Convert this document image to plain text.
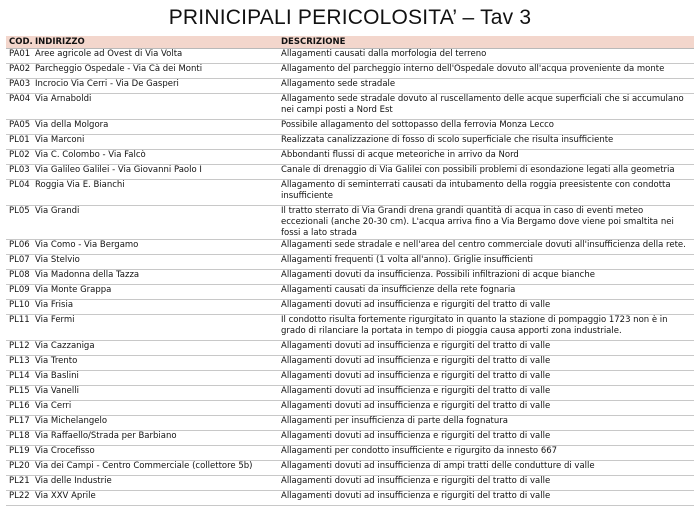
PRINICIPALI PERICOLOSITA’ – Tav 3
COD. INDIRIZZO	DESCRIZIONE
PA01 Aree agricole ad Ovest di Via Volta	Allagamenti causati dalla morfologia del terreno
PA02 Parcheggio Ospedale - Via Cà dei Monti	Allagamento del parcheggio interno dell'Ospedale dovuto all'acqua proveniente da monte
PA03 Incrocio Via Cerri - Via De Gasperi	Allagamento sede stradale
PA04 Via Arnaboldi	Allagamento sede stradale dovuto al ruscellamento delle acque superficiali che si accumulano nei campi posti a Nord Est
PA05 Via della Molgora	Possibile allagamento del sottopasso della ferrovia Monza Lecco
PL01 Via Marconi	Realizzata canalizzazione di fosso di scolo superficiale che risulta insufficiente
PL02 Via C. Colombo - Via Falcò	Abbondanti flussi di acque meteoriche in arrivo da Nord
PL03 Via Galileo Galilei - Via Giovanni Paolo I	Canale di drenaggio di Via Galilei con possibili problemi di esondazione legati alla geometria
PL04 Roggia Via E. Bianchi	Allagamento di seminterrati causati da intubamento della roggia preesistente con condotta insufficiente
PL05 Via Grandi	Il tratto sterrato di Via Grandi drena grandi quantità di acqua in caso di eventi meteo eccezionali (anche 20-30 cm). L'acqua arriva fino a Via Bergamo dove viene poi smaltita nei fossi a lato strada
PL06 Via Como - Via Bergamo	Allagamenti sede stradale e nell'area del centro commerciale dovuti all'insufficienza della rete.
PL07 Via Stelvio	Allagamenti frequenti (1 volta all'anno). Griglie insufficienti
PL08 Via Madonna della Tazza	Allagamenti dovuti da insufficienza. Possibili infiltrazioni di acque bianche
PL09 Via Monte Grappa	Allagamenti causati da insufficienze della rete fognaria
PL10 Via Frisia	Allagamenti dovuti ad insufficienza e rigurgiti del tratto di valle
PL11 Via Fermi	Il condotto risulta fortemente rigurgitato in quanto la stazione di pompaggio 1723 non è in grado di rilanciare la portata in tempo di pioggia causa apporti zona industriale.
PL12 Via Cazzaniga	Allagamenti dovuti ad insufficienza e rigurgiti del tratto di valle
PL13 Via Trento	Allagamenti dovuti ad insufficienza e rigurgiti del tratto di valle
PL14 Via Baslini	Allagamenti dovuti ad insufficienza e rigurgiti del tratto di valle
PL15 Via Vanelli	Allagamenti dovuti ad insufficienza e rigurgiti del tratto di valle
PL16 Via Cerri	Allagamenti dovuti ad insufficienza e rigurgiti del tratto di valle
PL17 Via Michelangelo	Allagamenti per insufficienza di parte della fognatura
PL18 Via Raffaello/Strada per Barbiano	Allagamenti dovuti ad insufficienza e rigurgiti del tratto di valle
PL19 Via Crocefisso	Allagamenti per condotto insufficiente e rigurgito da innesto 667
PL20 Via dei Campi - Centro Commerciale (collettore 5b)	Allagamenti dovuti ad insufficienza di ampi tratti delle condutture di valle
PL21 Via delle Industrie	Allagamenti dovuti ad insufficienza e rigurgiti del tratto di valle
PL22 Via XXV Aprile	Allagamenti dovuti ad insufficienza e rigurgiti del tratto di valle
